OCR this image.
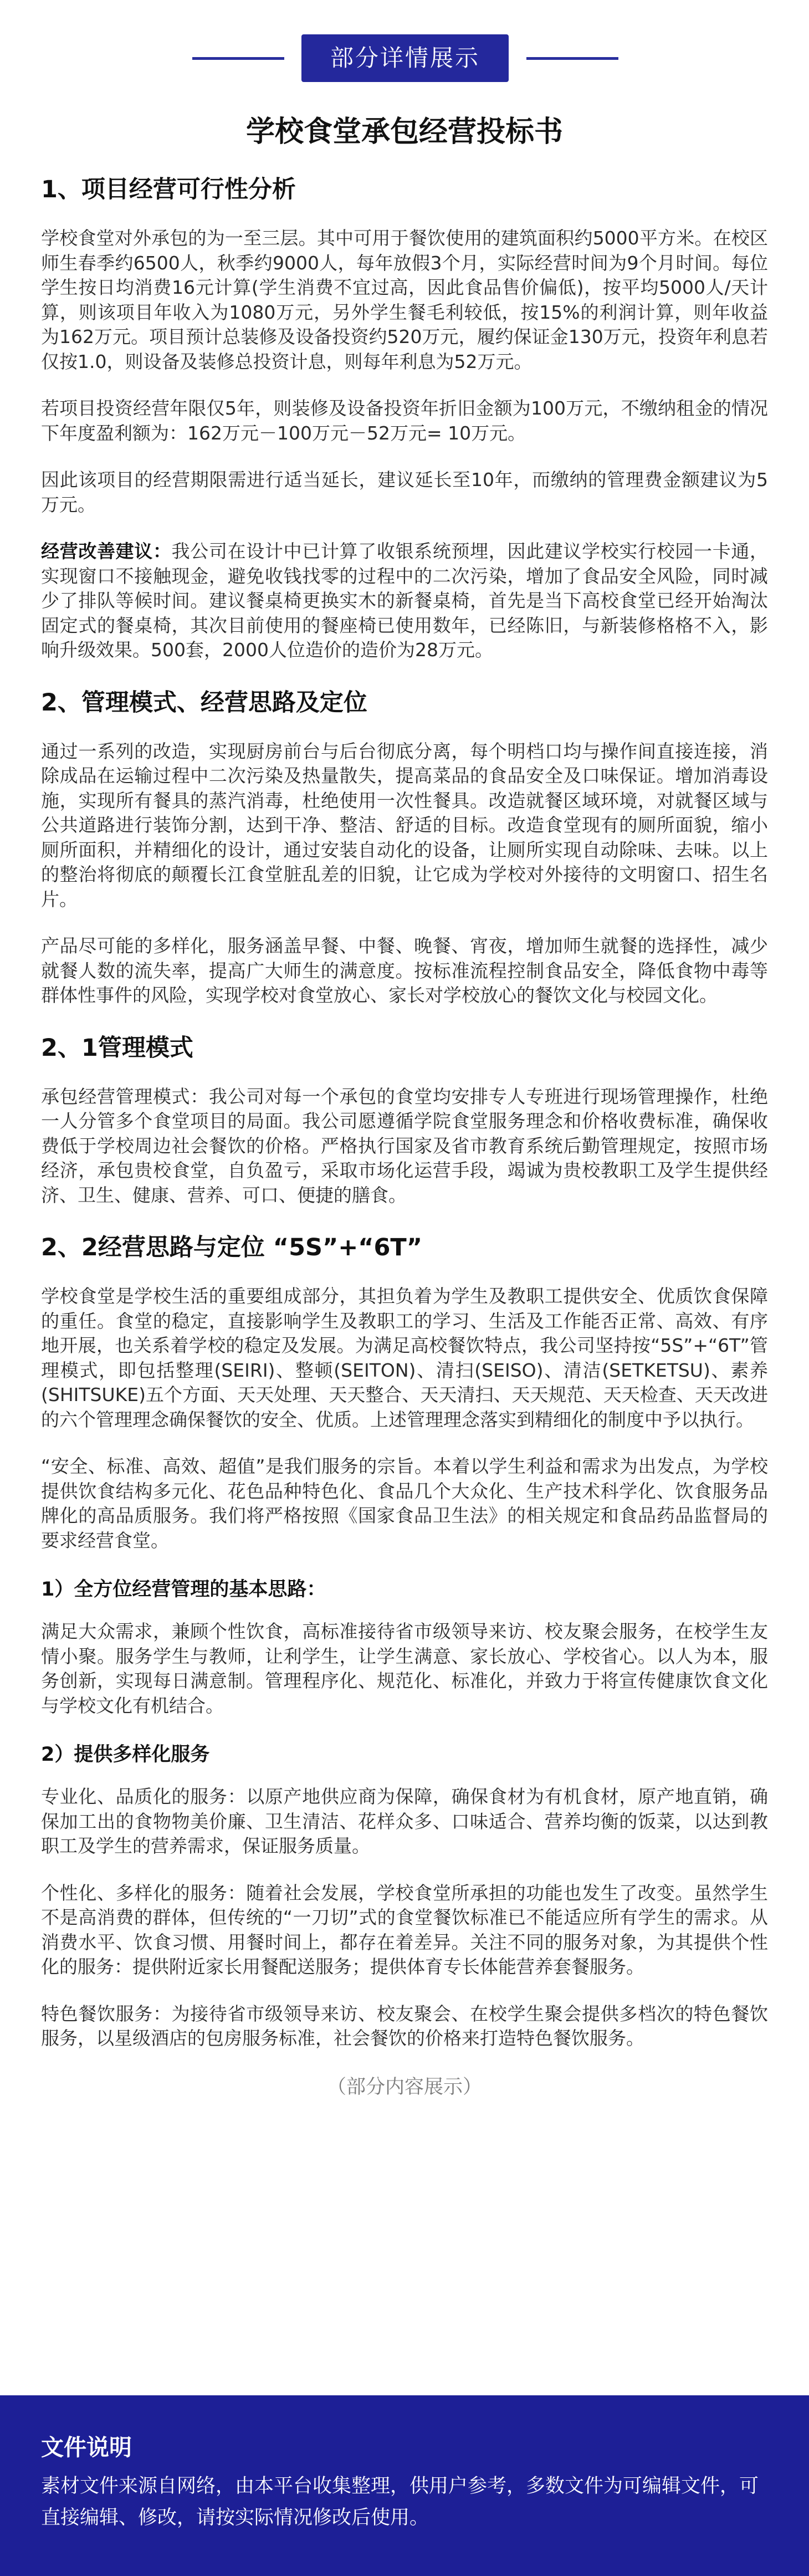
部分详情展示
学校食堂承包经营投标书
1、项目经营可行性分析

学校食堂对外承包的为一至三层。其中可用于餐饮使用的建筑面积约5000平方米。在校区师生春季约6500人，秋季约9000人，每年放假3个月，实际经营时间为9个月时间。每位学生按日均消费16元计算(学生消费不宜过高，因此食品售价偏低)，按平均5000人/天计算，则该项目年收入为1080万元，另外学生餐毛利较低，按15%的利润计算，则年收益为162万元。项目预计总装修及设备投资约520万元，履约保证金130万元，投资年利息若仅按1.0，则设备及装修总投资计息，则每年利息为52万元。

若项目投资经营年限仅5年，则装修及设备投资年折旧金额为100万元，不缴纳租金的情况下年度盈利额为：162万元－100万元－52万元= 10万元。

因此该项目的经营期限需进行适当延长，建议延长至10年，而缴纳的管理费金额建议为5万元。

经营改善建议：我公司在设计中已计算了收银系统预埋，因此建议学校实行校园一卡通，实现窗口不接触现金，避免收钱找零的过程中的二次污染，增加了食品安全风险，同时减少了排队等候时间。建议餐桌椅更换实木的新餐桌椅，首先是当下高校食堂已经开始淘汰固定式的餐桌椅，其次目前使用的餐座椅已使用数年，已经陈旧，与新装修格格不入，影响升级效果。500套，2000人位造价的造价为28万元。

2、管理模式、经营思路及定位

通过一系列的改造，实现厨房前台与后台彻底分离，每个明档口均与操作间直接连接，消除成品在运输过程中二次污染及热量散失，提高菜品的食品安全及口味保证。增加消毒设施，实现所有餐具的蒸汽消毒，杜绝使用一次性餐具。改造就餐区域环境，对就餐区域与公共道路进行装饰分割，达到干净、整洁、舒适的目标。改造食堂现有的厕所面貌，缩小厕所面积，并精细化的设计，通过安装自动化的设备，让厕所实现自动除味、去味。以上的整治将彻底的颠覆长江食堂脏乱差的旧貌，让它成为学校对外接待的文明窗口、招生名片。

产品尽可能的多样化，服务涵盖早餐、中餐、晚餐、宵夜，增加师生就餐的选择性，减少就餐人数的流失率，提高广大师生的满意度。按标准流程控制食品安全，降低食物中毒等群体性事件的风险，实现学校对食堂放心、家长对学校放心的餐饮文化与校园文化。

2、1管理模式

承包经营管理模式：我公司对每一个承包的食堂均安排专人专班进行现场管理操作，杜绝一人分管多个食堂项目的局面。我公司愿遵循学院食堂服务理念和价格收费标准，确保收费低于学校周边社会餐饮的价格。严格执行国家及省市教育系统后勤管理规定，按照市场经济，承包贵校食堂，自负盈亏，采取市场化运营手段，竭诚为贵校教职工及学生提供经济、卫生、健康、营养、可口、便捷的膳食。

2、2经营思路与定位 “5S”+“6T”

学校食堂是学校生活的重要组成部分，其担负着为学生及教职工提供安全、优质饮食保障的重任。食堂的稳定，直接影响学生及教职工的学习、生活及工作能否正常、高效、有序地开展，也关系着学校的稳定及发展。为满足高校餐饮特点，我公司坚持按“5S”+“6T”管理模式，即包括整理(SEIRI)、整顿(SEITON)、清扫(SEISO)、清洁(SETKETSU)、素养(SHITSUKE)五个方面、天天处理、天天整合、天天清扫、天天规范、天天检查、天天改进的六个管理理念确保餐饮的安全、优质。上述管理理念落实到精细化的制度中予以执行。

“安全、标准、高效、超值”是我们服务的宗旨。本着以学生利益和需求为出发点，为学校提供饮食结构多元化、花色品种特色化、食品几个大众化、生产技术科学化、饮食服务品牌化的高品质服务。我们将严格按照《国家食品卫生法》的相关规定和食品药品监督局的要求经营食堂。

1）全方位经营管理的基本思路：

满足大众需求，兼顾个性饮食，高标准接待省市级领导来访、校友聚会服务，在校学生友情小聚。服务学生与教师，让利学生，让学生满意、家长放心、学校省心。以人为本，服务创新，实现每日满意制。管理程序化、规范化、标准化，并致力于将宣传健康饮食文化与学校文化有机结合。

2）提供多样化服务

专业化、品质化的服务：以原产地供应商为保障，确保食材为有机食材，原产地直销，确保加工出的食物物美价廉、卫生清洁、花样众多、口味适合、营养均衡的饭菜，以达到教职工及学生的营养需求，保证服务质量。

个性化、多样化的服务：随着社会发展，学校食堂所承担的功能也发生了改变。虽然学生不是高消费的群体，但传统的“一刀切”式的食堂餐饮标准已不能适应所有学生的需求。从消费水平、饮食习惯、用餐时间上，都存在着差异。关注不同的服务对象，为其提供个性化的服务：提供附近家长用餐配送服务；提供体育专长体能营养套餐服务。

特色餐饮服务：为接待省市级领导来访、校友聚会、在校学生聚会提供多档次的特色餐饮服务，以星级酒店的包房服务标准，社会餐饮的价格来打造特色餐饮服务。

（部分内容展示）
文件说明
素材文件来源自网络，由本平台收集整理，供用户参考，多数文件为可编辑文件，可直接编辑、修改，请按实际情况修改后使用。
